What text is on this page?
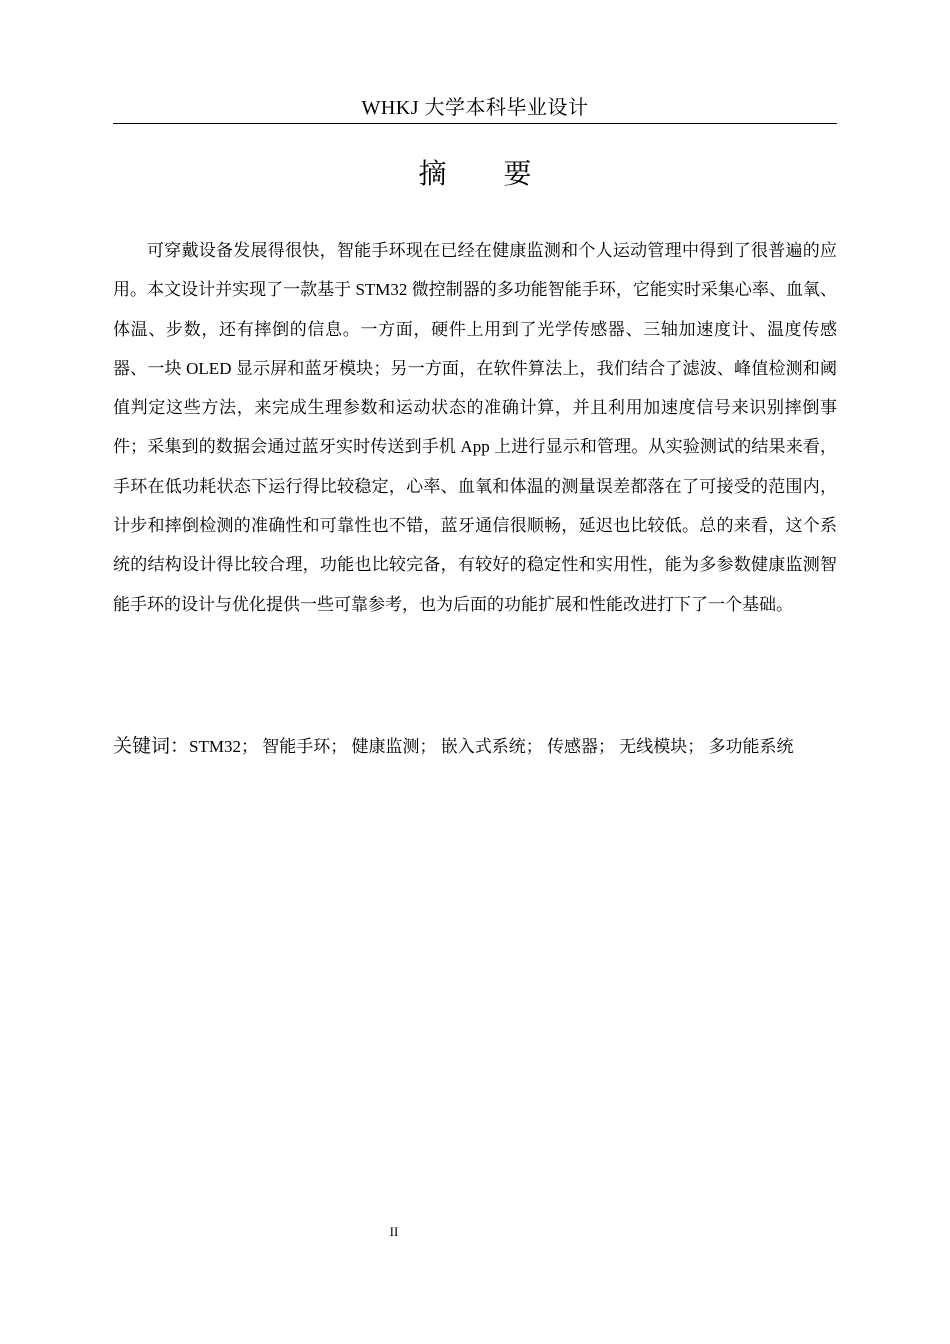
WHKJ 大学本科毕业设计
摘 要

可穿戴设备发展得很快，智能手环现在已经在健康监测和个人运动管理中得到了很普遍的应用。本文设计并实现了一款基于 STM32 微控制器的多功能智能手环，它能实时采集心率、血氧、体温、步数，还有摔倒的信息。一方面，硬件上用到了光学传感器、三轴加速度计、温度传感器、一块 OLED 显示屏和蓝牙模块；另一方面，在软件算法上，我们结合了滤波、峰值检测和阈值判定这些方法，来完成生理参数和运动状态的准确计算，并且利用加速度信号来识别摔倒事件；采集到的数据会通过蓝牙实时传送到手机 App 上进行显示和管理。从实验测试的结果来看，手环在低功耗状态下运行得比较稳定，心率、血氧和体温的测量误差都落在了可接受的范围内，计步和摔倒检测的准确性和可靠性也不错，蓝牙通信很顺畅，延迟也比较低。总的来看，这个系统的结构设计得比较合理，功能也比较完备，有较好的稳定性和实用性，能为多参数健康监测智能手环的设计与优化提供一些可靠参考，也为后面的功能扩展和性能改进打下了一个基础。

关键词：STM32； 智能手环； 健康监测； 嵌入式系统； 传感器； 无线模块； 多功能系统

II
